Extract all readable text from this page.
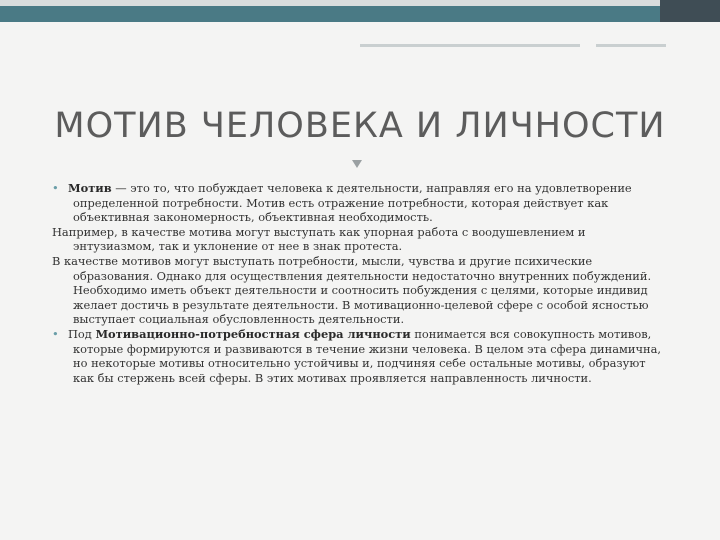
МОТИВ ЧЕЛОВЕКА И ЛИЧНОСТИ

• Мотив — это то, что побуждает человека к деятельности, направляя его на удовлетворение определенной потребности. Мотив есть отражение потребности, которая действует как объективная закономерность, объективная необходимость.

Например, в качестве мотива могут выступать как упорная работа с воодушевлением и энтузиазмом, так и уклонение от нее в знак протеста.

В качестве мотивов могут выступать потребности, мысли, чувства и другие психические образования. Однако для осуществления деятельности недостаточно внутренних побуждений. Необходимо иметь объект деятельности и соотносить побуждения с целями, которые индивид желает достичь в результате деятельности. В мотивационно-целевой сфере с особой ясностью выступает социальная обусловленность деятельности.

• Под Мотивационно-потребностная сфера личности понимается вся совокупность мотивов, которые формируются и развиваются в течение жизни человека. В целом эта сфера динамична, но некоторые мотивы относительно устойчивы и, подчиняя себе остальные мотивы, образуют как бы стержень всей сферы. В этих мотивах проявляется направленность личности.
